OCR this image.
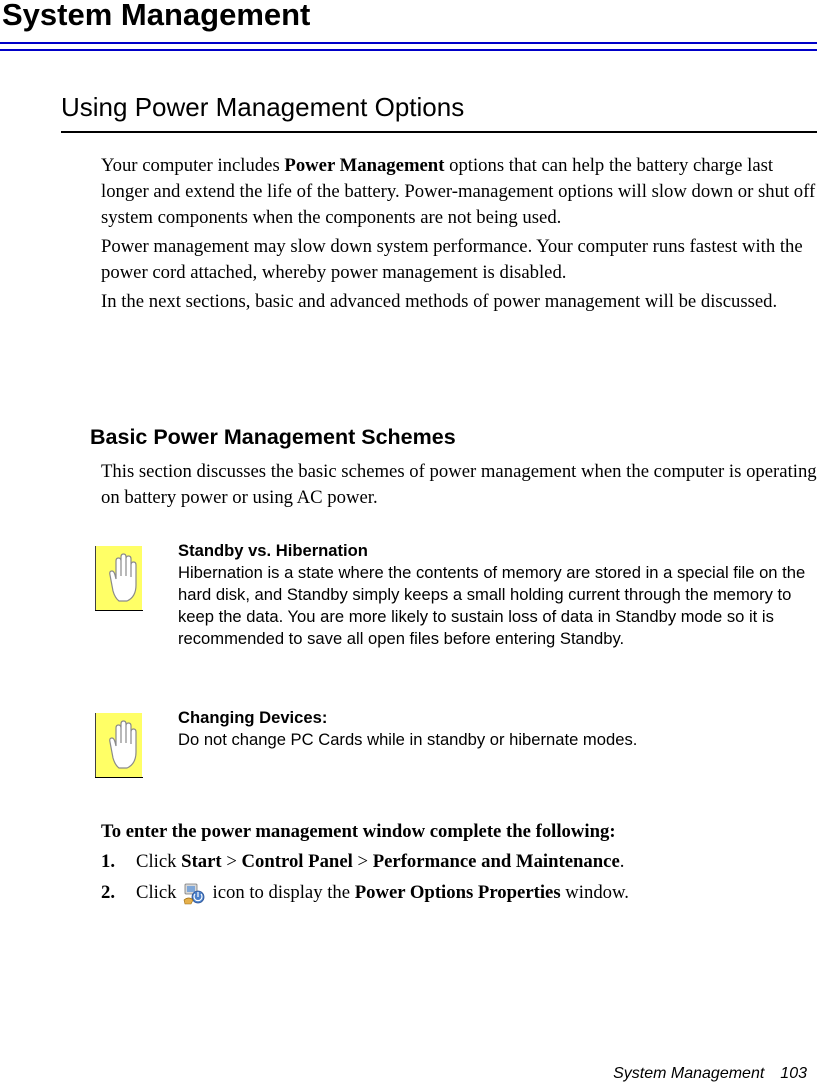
System Management
Using Power Management Options

Your computer includes Power Management options that can help the battery charge last longer and extend the life of the battery. Power-management options will slow down or shut off system components when the components are not being used.

Power management may slow down system performance. Your computer runs fastest with the power cord attached, whereby power management is disabled.

In the next sections, basic and advanced methods of power management will be discussed.

Basic Power Management Schemes

This section discusses the basic schemes of power management when the computer is operating on battery power or using AC power.

Standby vs. Hibernation
Hibernation is a state where the contents of memory are stored in a special file on the hard disk, and Standby simply keeps a small holding current through the memory to keep the data. You are more likely to sustain loss of data in Standby mode so it is recommended to save all open files before entering Standby.
Changing Devices:
Do not change PC Cards while in standby or hibernate modes.

To enter the power management window complete the following:

1. Click Start > Control Panel > Performance and Maintenance.

2. Click icon to display the Power Options Properties window.

System Management 103
